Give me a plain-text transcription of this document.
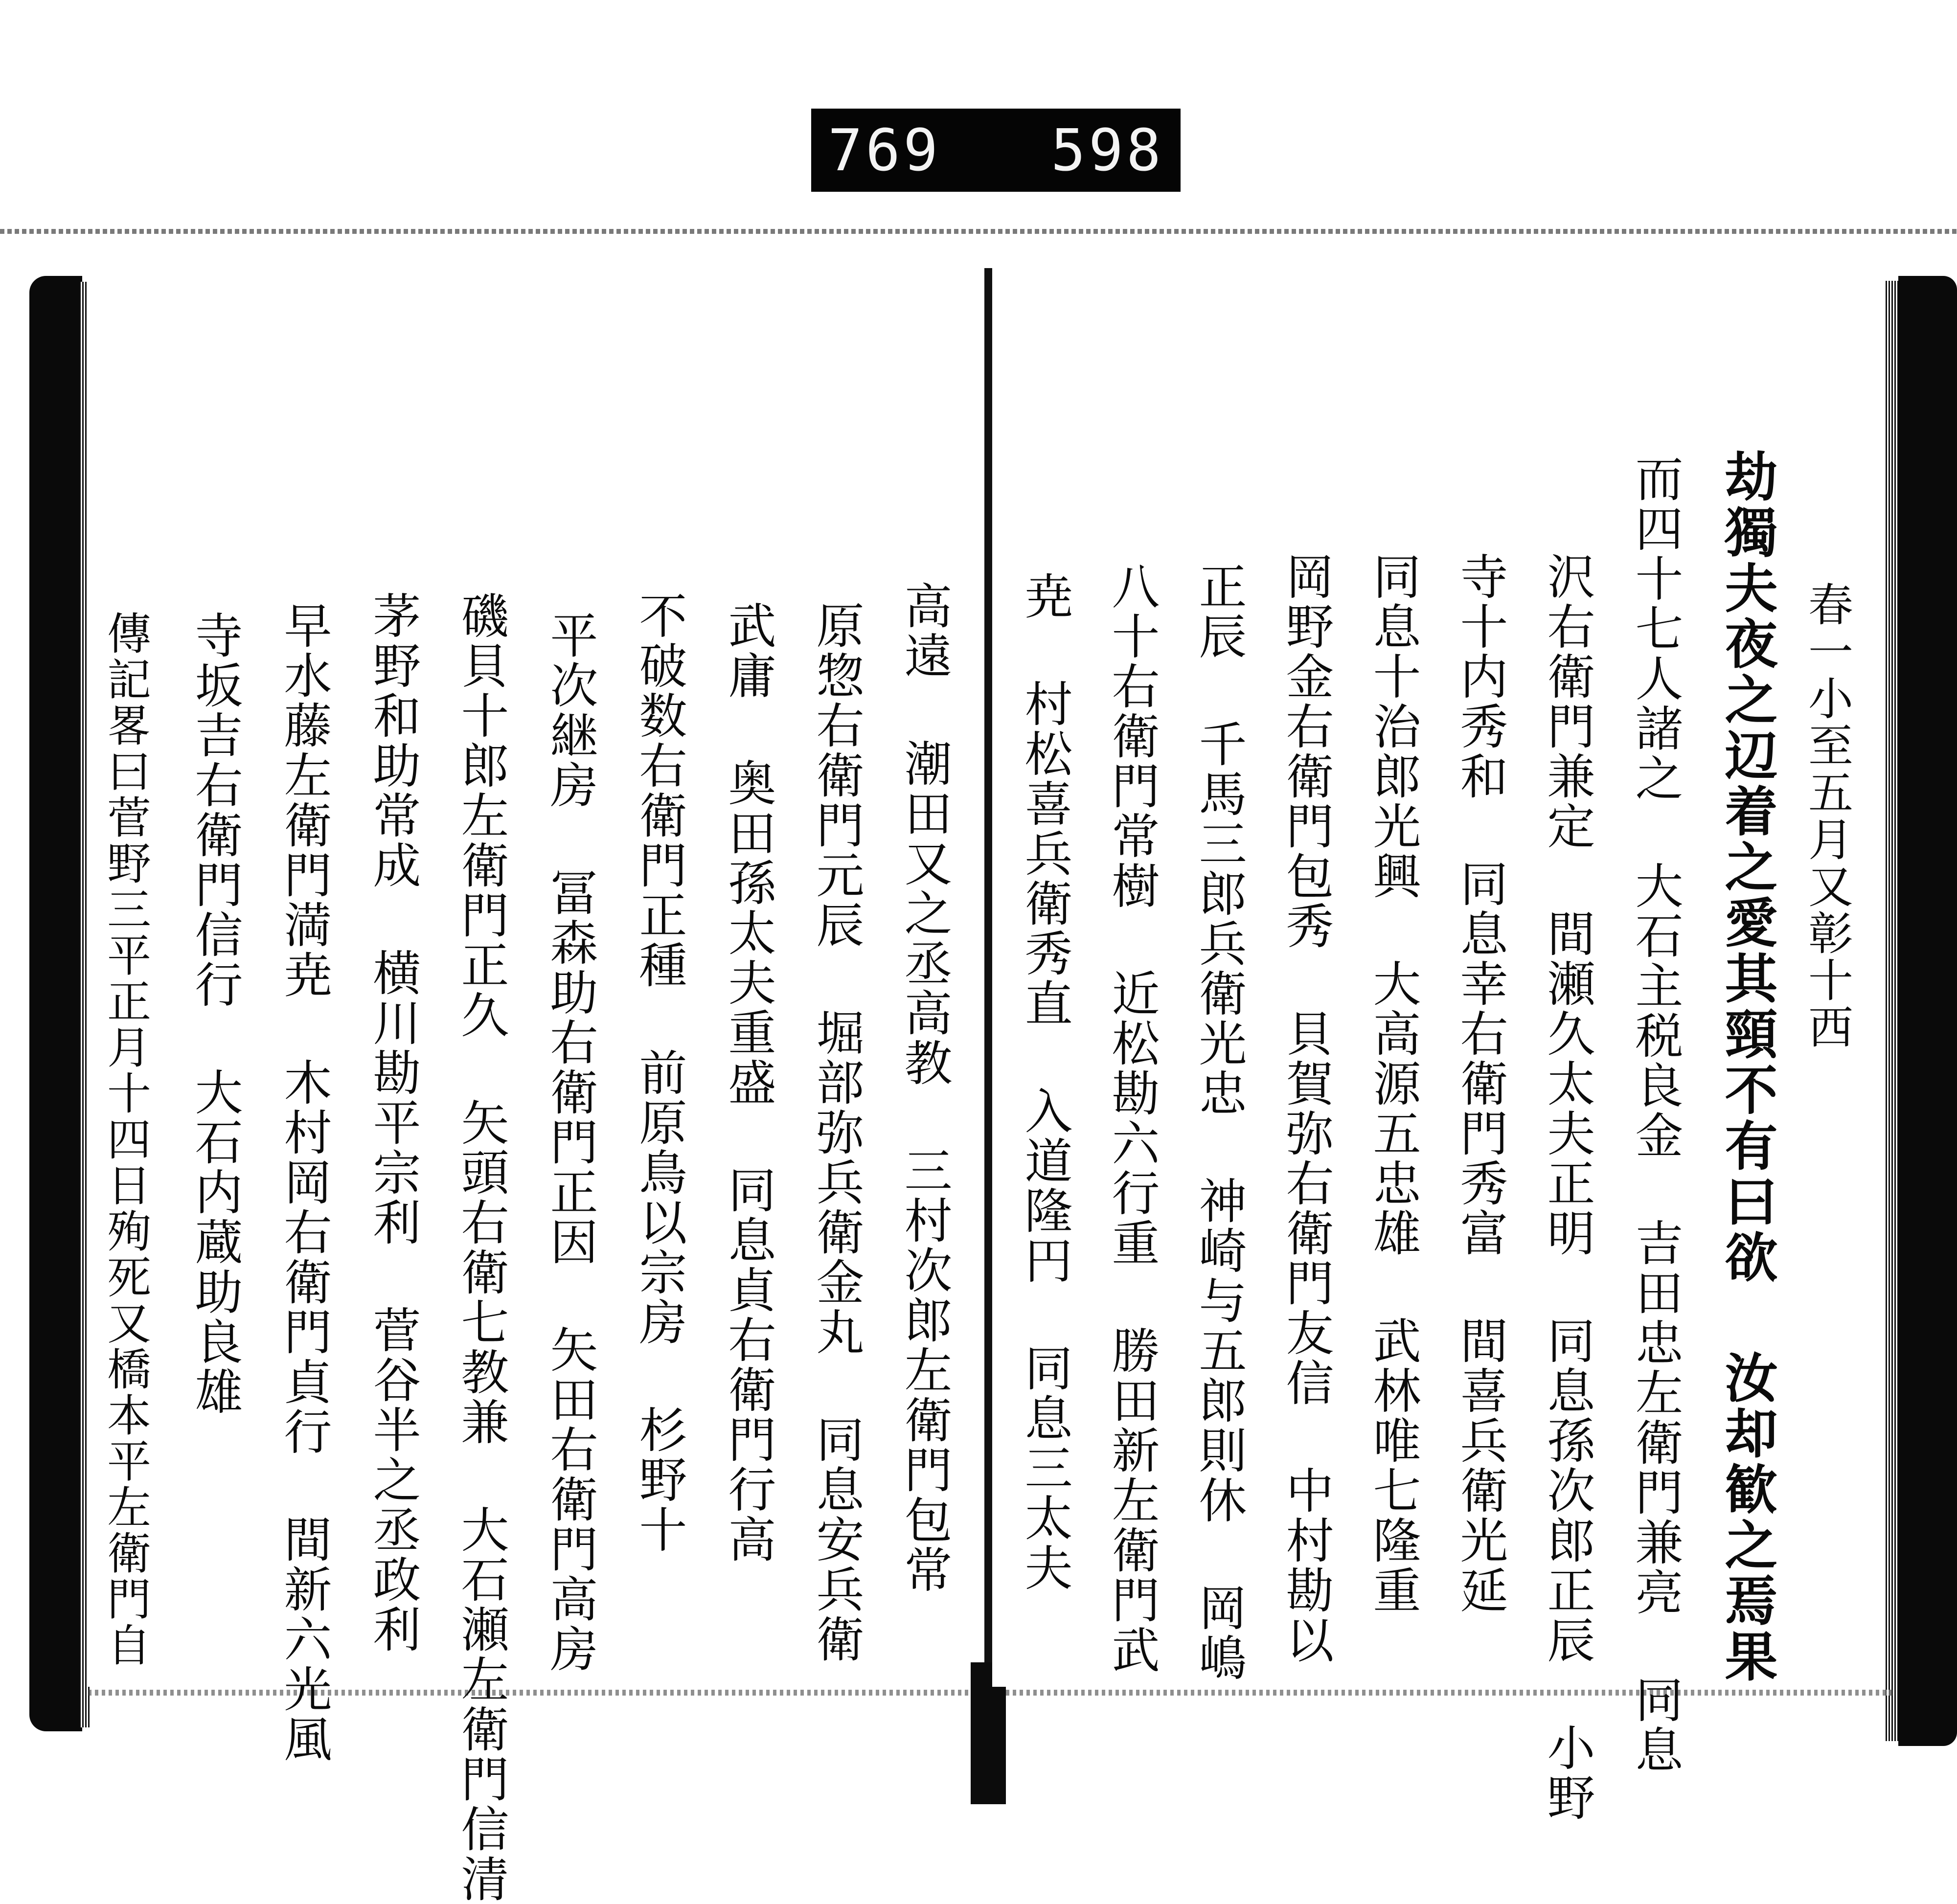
769 598
高遠 潮田又之丞高教 三村次郎左衛門包常
原惣右衛門元辰 堀部弥兵衛金丸 同息安兵衛
武庸 奥田孫太夫重盛 同息貞右衛門行高
不破数右衛門正種 前原鳥以宗房 杉野十
平次継房 冨森助右衛門正因 矢田右衛門高房
磯貝十郎左衛門正久 矢頭右衛七教兼 大石瀬左衛門信清
茅野和助常成 横川勘平宗利 菅谷半之丞政利
早水藤左衛門満尭 木村岡右衛門貞行 間新六光風
寺坂吉右衛門信行 大石内蔵助良雄
傳記畧曰菅野三平正月十四日殉死又橋本平左衛門自	春一小至五月又彰十西
劫獨夫夜之辺着之愛其頸不有曰欲 汝却歓之焉果
而四十七人諸之 大石主税良金 吉田忠左衛門兼亮 同息
沢右衛門兼定 間瀬久太夫正明 同息孫次郎正辰 小野
寺十内秀和 同息幸右衛門秀富 間喜兵衛光延
同息十治郎光興 大高源五忠雄 武林唯七隆重
岡野金右衛門包秀 貝賀弥右衛門友信 中村勘以
正辰 千馬三郎兵衛光忠 神崎与五郎則休 岡嶋
八十右衛門常樹 近松勘六行重 勝田新左衛門武
尭 村松喜兵衛秀直 入道隆円 同息三太夫
